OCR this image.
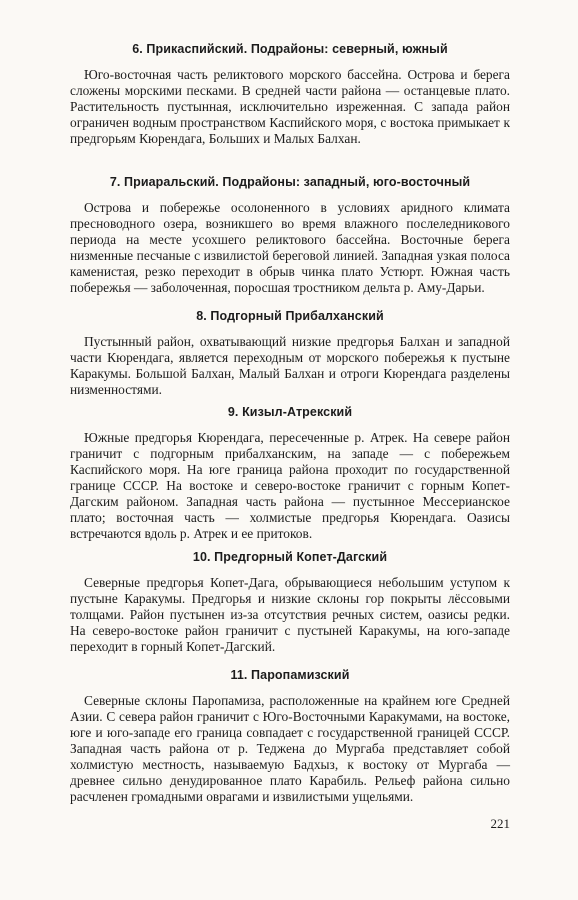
6. Прикаспийский. Подрайоны: северный, южный

Юго-восточная часть реликтового морского бассейна. Острова и берега сложены морскими песками. В средней части района — останцевые плато. Растительность пустынная, исключительно изреженная. С запада район ограничен водным пространством Каспийского моря, с востока примыкает к предгорьям Кюрендага, Больших и Малых Балхан.

7. Приаральский. Подрайоны: западный, юго-восточный

Острова и побережье осолоненного в условиях аридного климата пресноводного озера, возникшего во время влажного послеледникового периода на месте усохшего реликтового бассейна. Восточные берега низменные песчаные с извилистой береговой линией. Западная узкая полоса каменистая, резко переходит в обрыв чинка плато Устюрт. Южная часть побережья — заболоченная, поросшая тростником дельта р. Аму-Дарьи.

8. Подгорный Прибалханский

Пустынный район, охватывающий низкие предгорья Балхан и западной части Кюрендага, является переходным от морского побережья к пустыне Каракумы. Большой Балхан, Малый Балхан и отроги Кюрендага разделены низменностями.

9. Кизыл-Атрекский

Южные предгорья Кюрендага, пересеченные р. Атрек. На севере район граничит с подгорным прибалханским, на западе — с побережьем Каспийского моря. На юге граница района проходит по государственной границе СССР. На востоке и северо-востоке граничит с горным Копет-Дагским районом. Западная часть района — пустынное Мессерианское плато; восточная часть — холмистые предгорья Кюрендага. Оазисы встречаются вдоль р. Атрек и ее притоков.

10. Предгорный Копет-Дагский

Северные предгорья Копет-Дага, обрывающиеся небольшим уступом к пустыне Каракумы. Предгорья и низкие склоны гор покрыты лёссовыми толщами. Район пустынен из-за отсутствия речных систем, оазисы редки. На северо-востоке район граничит с пустыней Каракумы, на юго-западе переходит в горный Копет-Дагский.

11. Паропамизский

Северные склоны Паропамиза, расположенные на крайнем юге Средней Азии. С севера район граничит с Юго-Восточными Каракумами, на востоке, юге и юго-западе его граница совпадает с государственной границей СССР. Западная часть района от р. Теджена до Мургаба представляет собой холмистую местность, называемую Бадхыз, к востоку от Мургаба — древнее сильно денудированное плато Карабиль. Рельеф района сильно расчленен громадными оврагами и извилистыми ущельями.

221
